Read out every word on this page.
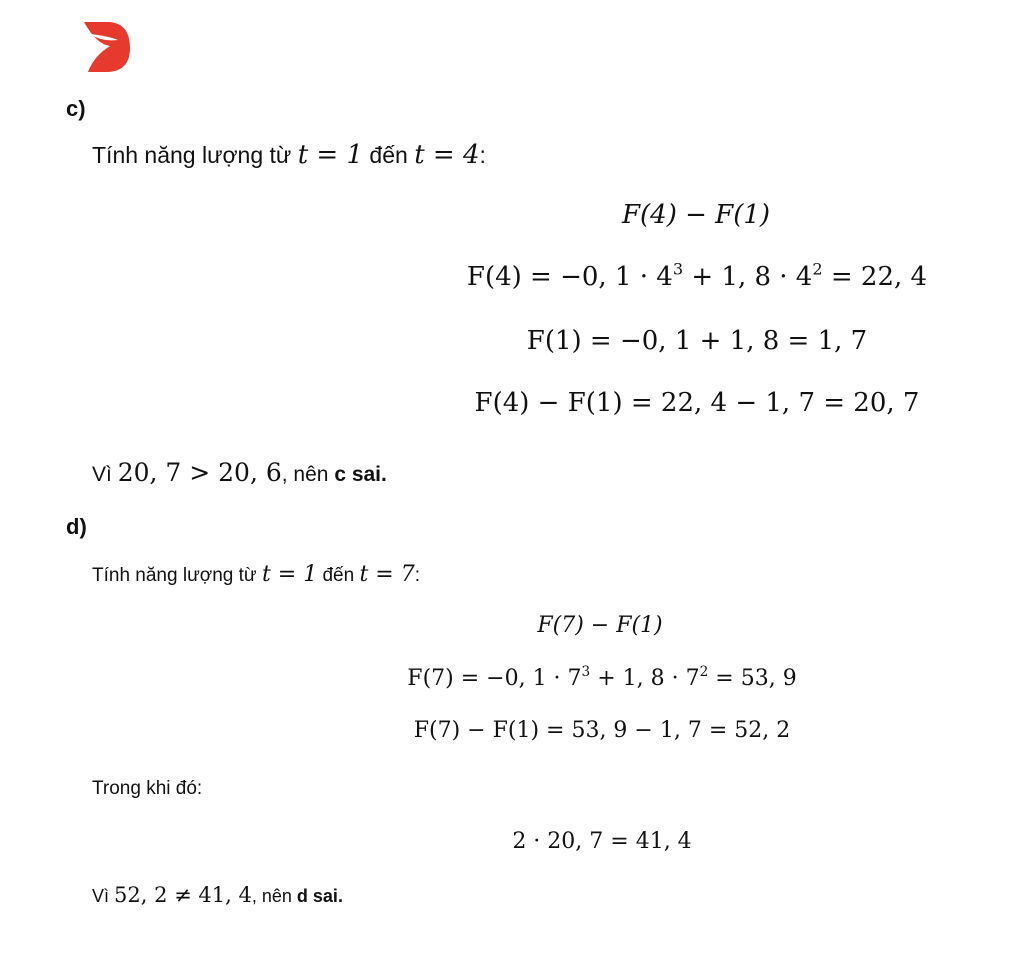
c)
Tính năng lượng từ t = 1 đến t = 4:
F(4) − F(1)
F(4) = −0, $1 \cdot 4^3 + 1$, $8 \cdot 4^2 = 22$, 4
F(1) = −0, 1 + 1, 8 = 1, 7
F(4) − F(1) = 22, 4 − 1, 7 = 20, 7
Vì 20, 7 > 20, 6, nên c sai.
d)
Tính năng lượng từ t = 1 đến t = 7:
F(7) − F(1)
F(7) = −0, $1 \cdot 7^3 + 1$, $8 \cdot 7^2 = 53$, 9
F(7) − F(1) = 53, 9 − 1, 7 = 52, 2
Trong khi đó:
2 · 20, 7 = 41, 4
Vì 52, 2 ≠ 41, 4, nên d sai.
